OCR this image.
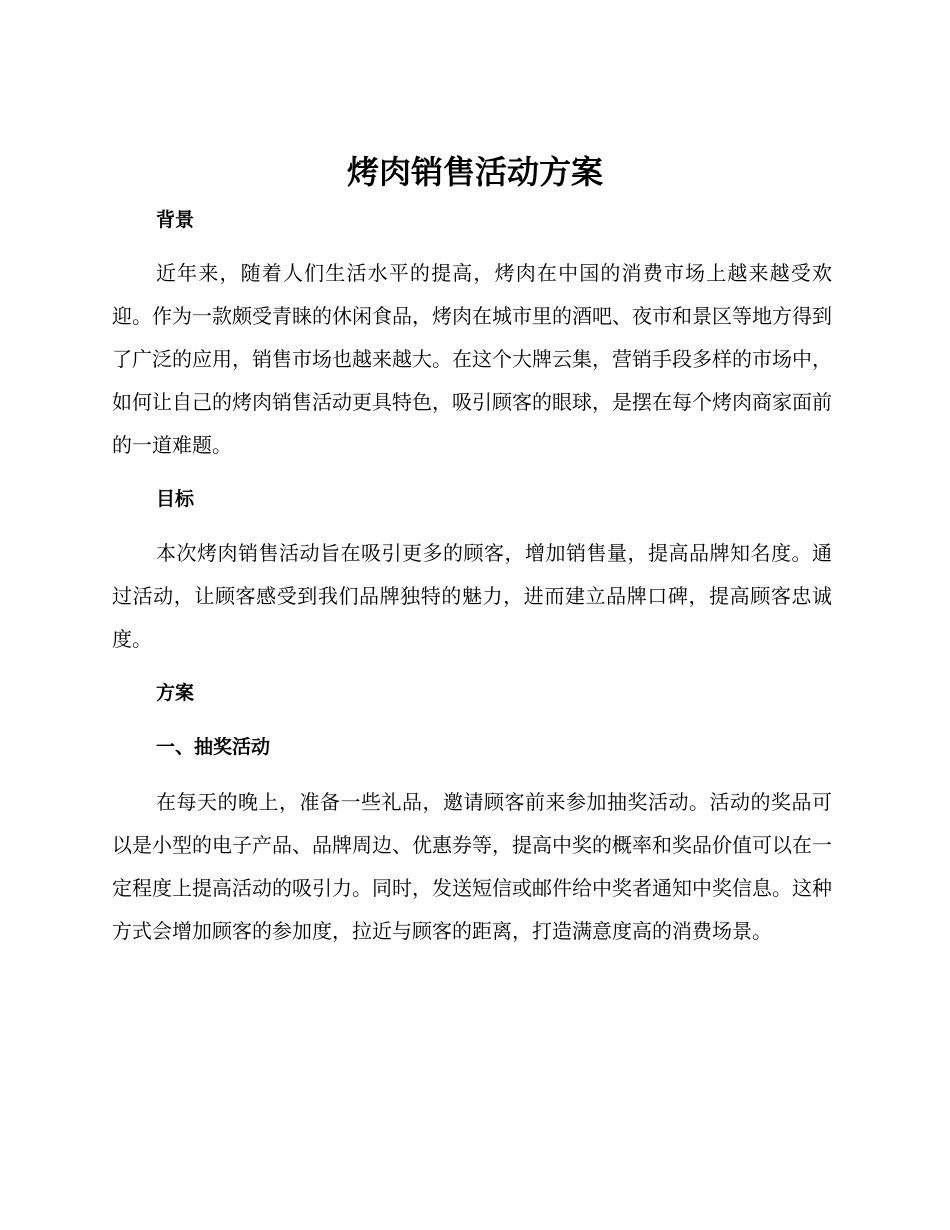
烤肉销售活动方案
背景

近年来，随着人们生活水平的提高，烤肉在中国的消费市场上越来越受欢迎。作为一款颇受青睐的休闲食品，烤肉在城市里的酒吧、夜市和景区等地方得到了广泛的应用，销售市场也越来越大。在这个大牌云集，营销手段多样的市场中，如何让自己的烤肉销售活动更具特色，吸引顾客的眼球，是摆在每个烤肉商家面前的一道难题。

目标

本次烤肉销售活动旨在吸引更多的顾客，增加销售量，提高品牌知名度。通过活动，让顾客感受到我们品牌独特的魅力，进而建立品牌口碑，提高顾客忠诚度。

方案
一、抽奖活动

在每天的晚上，准备一些礼品，邀请顾客前来参加抽奖活动。活动的奖品可以是小型的电子产品、品牌周边、优惠券等，提高中奖的概率和奖品价值可以在一定程度上提高活动的吸引力。同时，发送短信或邮件给中奖者通知中奖信息。这种方式会增加顾客的参加度，拉近与顾客的距离，打造满意度高的消费场景。
